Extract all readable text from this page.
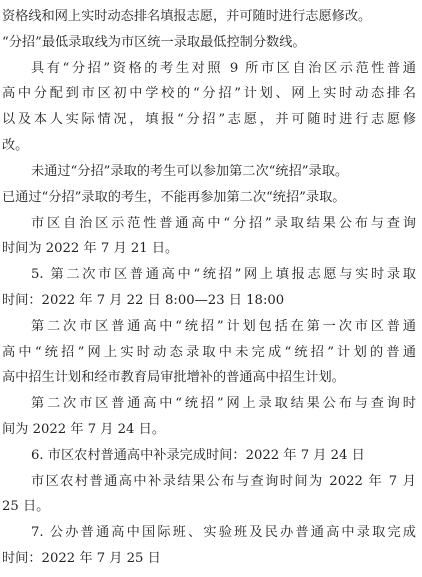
资格线和网上实时动态排名填报志愿，并可随时进行志愿修改。
“分招”最低录取线为市区统一录取最低控制分数线。
具有“分招”资格的考生对照 9 所市区自治区示范性普通
高中分配到市区初中学校的“分招”计划、网上实时动态排名
以及本人实际情况，填报“分招”志愿，并可随时进行志愿修
改。
未通过“分招”录取的考生可以参加第二次“统招”录取。
已通过“分招”录取的考生，不能再参加第二次“统招”录取。
市区自治区示范性普通高中“分招”录取结果公布与查询
时间为 2022 年 7 月 21 日。
5. 第二次市区普通高中“统招”网上填报志愿与实时录取
时间：2022 年 7 月 22 日 8:00—23 日 18:00
第二次市区普通高中“统招”计划包括在第一次市区普通
高中“统招”网上实时动态录取中未完成“统招”计划的普通
高中招生计划和经市教育局审批增补的普通高中招生计划。
第二次市区普通高中“统招”网上录取结果公布与查询时
间为 2022 年 7 月 24 日。
6. 市区农村普通高中补录完成时间：2022 年 7 月 24 日
市区农村普通高中补录结果公布与查询时间为 2022 年 7 月
25 日。
7. 公办普通高中国际班、实验班及民办普通高中录取完成
时间：2022 年 7 月 25 日
